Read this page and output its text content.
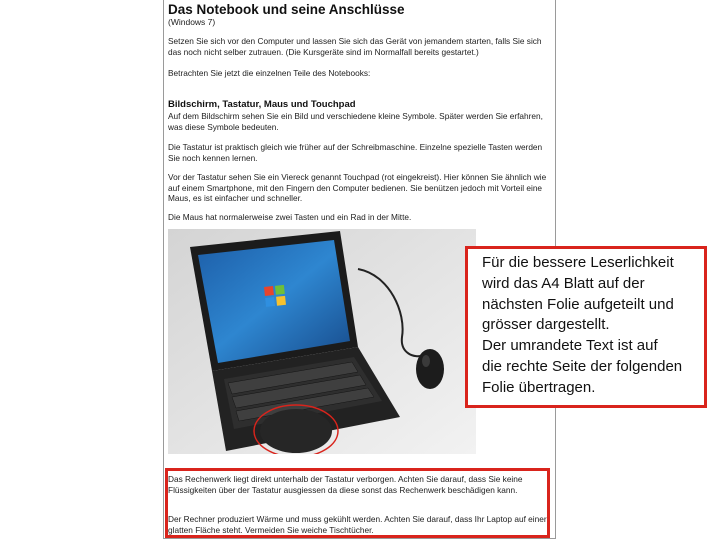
Das Notebook und seine Anschlüsse
(Windows 7)
Setzen Sie sich vor den Computer und lassen Sie sich das Gerät von jemandem starten, falls Sie sich das noch nicht selber zutrauen. (Die Kursgeräte sind im Normalfall bereits gestartet.)
Betrachten Sie jetzt die einzelnen Teile des Notebooks:
Bildschirm, Tastatur, Maus und Touchpad
Auf dem Bildschirm sehen Sie ein Bild und verschiedene kleine Symbole. Später werden Sie erfahren, was diese Symbole bedeuten.
Die Tastatur ist praktisch gleich wie früher auf der Schreibmaschine. Einzelne spezielle Tasten werden Sie noch kennen lernen.
Vor der Tastatur sehen Sie ein Viereck genannt Touchpad (rot eingekreist). Hier können Sie ähnlich wie auf einem Smartphone, mit den Fingern den Computer bedienen. Sie benützen jedoch mit Vorteil eine Maus, es ist einfacher und schneller.
Die Maus hat normalerweise zwei Tasten und ein Rad in der Mitte.
Für die bessere Leserlichkeit
wird das A4 Blatt auf der
nächsten Folie aufgeteilt und
grösser dargestellt.
Der umrandete Text ist auf
die rechte Seite der folgenden
Folie übertragen.
Das Rechenwerk liegt direkt unterhalb der Tastatur verborgen. Achten Sie darauf, dass Sie keine Flüssigkeiten über der Tastatur ausgiessen da diese sonst das Rechenwerk beschädigen kann.
Der Rechner produziert Wärme und muss gekühlt werden. Achten Sie darauf, dass Ihr Laptop auf einer glatten Fläche steht. Vermeiden Sie weiche Tischtücher.
